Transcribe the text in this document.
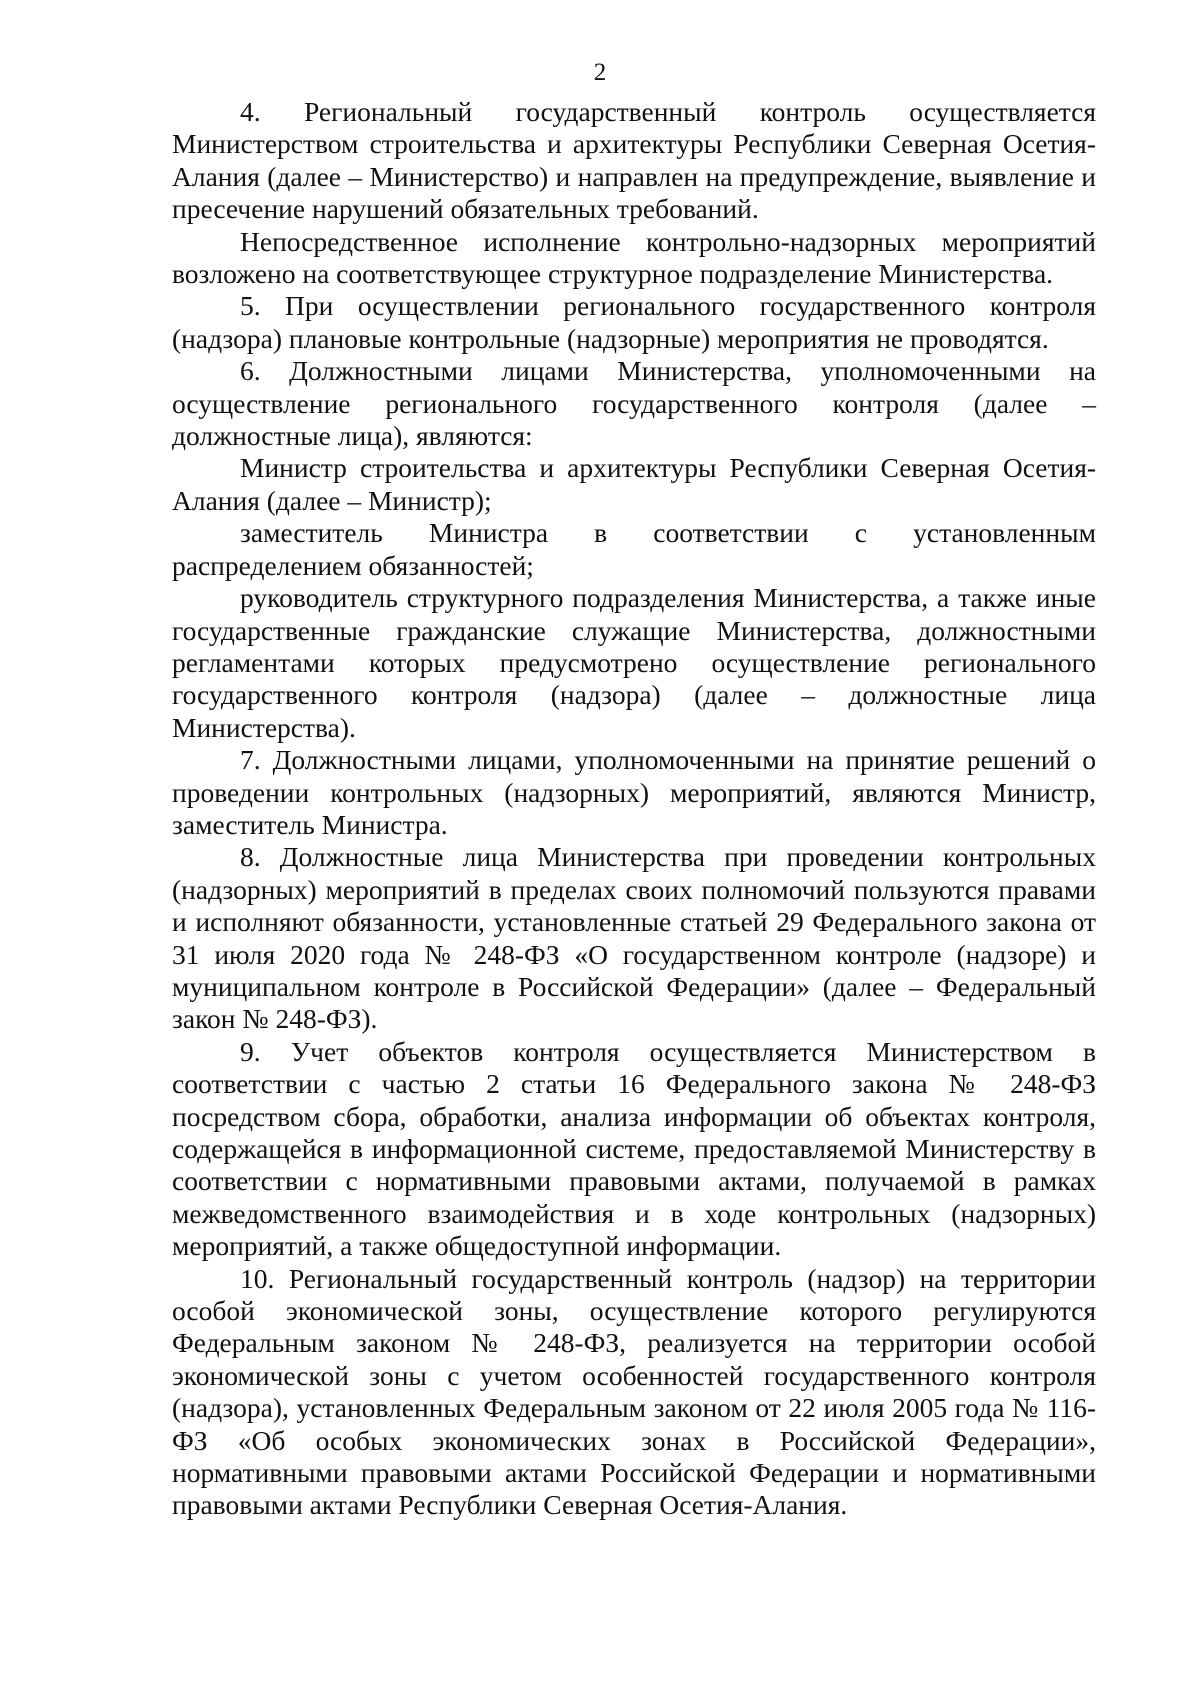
2

4. Региональный государственный контроль осуществляется Министерством строительства и архитектуры Республики Северная Осетия-Алания (далее – Министерство) и направлен на предупреждение, выявление и пресечение нарушений обязательных требований.

Непосредственное исполнение контрольно-надзорных мероприятий возложено на соответствующее структурное подразделение Министерства.

5. При осуществлении регионального государственного контроля (надзора) плановые контрольные (надзорные) мероприятия не проводятся.

6. Должностными лицами Министерства, уполномоченными на осуществление регионального государственного контроля (далее – должностные лица), являются:

Министр строительства и архитектуры Республики Северная Осетия-Алания (далее – Министр);

заместитель Министра в соответствии с установленным распределением обязанностей;

руководитель структурного подразделения Министерства, а также иные государственные гражданские служащие Министерства, должностными регламентами которых предусмотрено осуществление регионального государственного контроля (надзора) (далее – должностные лица Министерства).

7. Должностными лицами, уполномоченными на принятие решений о проведении контрольных (надзорных) мероприятий, являются Министр, заместитель Министра.

8. Должностные лица Министерства при проведении контрольных (надзорных) мероприятий в пределах своих полномочий пользуются правами и исполняют обязанности, установленные статьей 29 Федерального закона от 31 июля 2020 года № 248-ФЗ «О государственном контроле (надзоре) и муниципальном контроле в Российской Федерации» (далее – Федеральный закон № 248-ФЗ).

9. Учет объектов контроля осуществляется Министерством в соответствии с частью 2 статьи 16 Федерального закона № 248-ФЗ посредством сбора, обработки, анализа информации об объектах контроля, содержащейся в информационной системе, предоставляемой Министерству в соответствии с нормативными правовыми актами, получаемой в рамках межведомственного взаимодействия и в ходе контрольных (надзорных) мероприятий, а также общедоступной информации.

10. Региональный государственный контроль (надзор) на территории особой экономической зоны, осуществление которого регулируются Федеральным законом № 248-ФЗ, реализуется на территории особой экономической зоны с учетом особенностей государственного контроля (надзора), установленных Федеральным законом от 22 июля 2005 года № 116-ФЗ «Об особых экономических зонах в Российской Федерации», нормативными правовыми актами Российской Федерации и нормативными правовыми актами Республики Северная Осетия-Алания.
